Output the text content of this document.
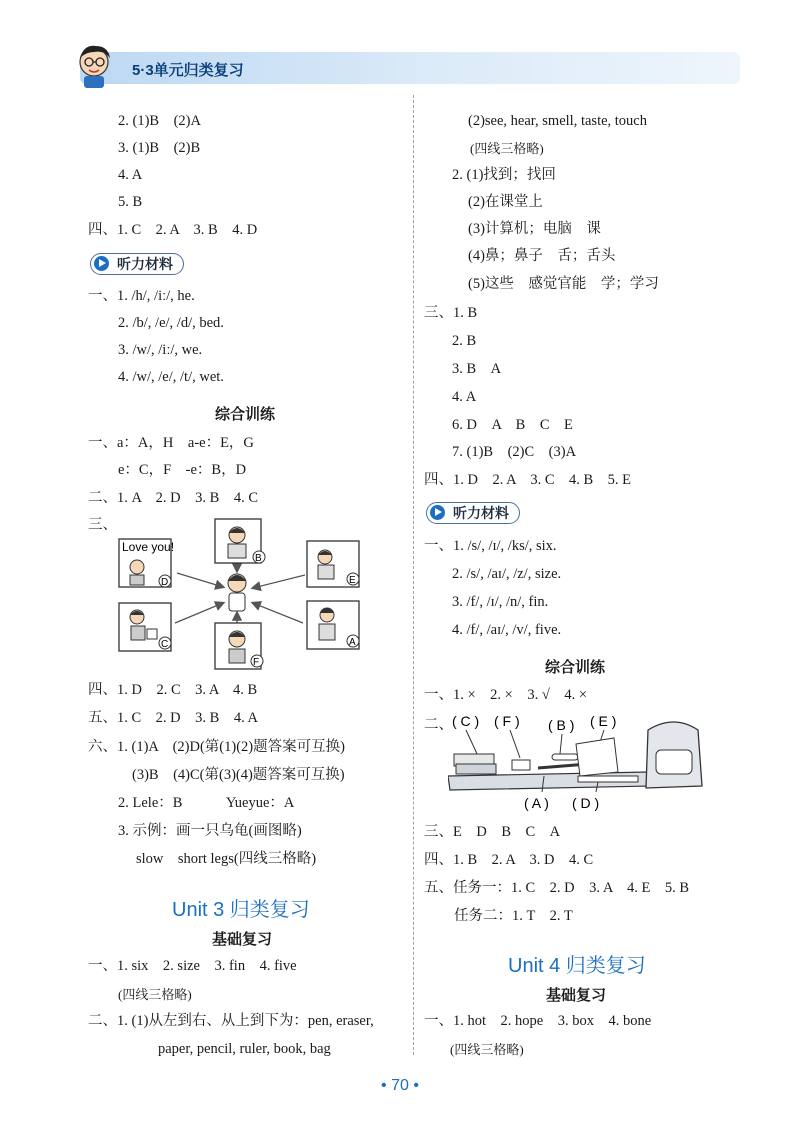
5·3单元归类复习
2. (1)B　(2)A
3. (1)B　(2)B
4. A
5. B
四、1. C　2. A　3. B　4. D
听力材料
一、1. /h/, /iː/, he.
2. /b/, /e/, /d/, bed.
3. /w/, /iː/, we.
4. /w/, /e/, /t/, wet.
综合训练
一、a：A，H　a-e：E，G
e：C，F　-e：B，D
二、1. A　2. D　3. B　4. C
三、
Love you!
B
D	E
C	A
F
四、1. D　2. C　3. A　4. B
五、1. C　2. D　3. B　4. A
六、1. (1)A　(2)D(第(1)(2)题答案可互换)
(3)B　(4)C(第(3)(4)题答案可互换)
2. Lele：B　　　Yueyue：A
3. 示例：画一只乌龟(画图略)
slow　short legs(四线三格略)
Unit 3 归类复习
基础复习
一、1. six　2. size　3. fin　4. five
(四线三格略)
二、1. (1)从左到右、从上到下为：pen, eraser,
paper, pencil, ruler, book, bag
(2)see, hear, smell, taste, touch
(四线三格略)
2. (1)找到；找回
(2)在课堂上
(3)计算机；电脑　课
(4)鼻；鼻子　舌；舌头
(5)这些　感觉官能　学；学习
三、1. B
2. B
3. B　A
4. A
6. D　A　B　C　E
7. (1)B　(2)C　(3)A
四、1. D　2. A　3. C　4. B　5. E
听力材料
一、1. /s/, /ɪ/, /ks/, six.
2. /s/, /aɪ/, /z/, size.
3. /f/, /ɪ/, /n/, fin.
4. /f/, /aɪ/, /v/, five.
综合训练
一、1. ×　2. ×　3. √　4. ×
二、 ( C ) ( F ) ( B ) ( E )
( A ) ( D )
三、E　D　B　C　A
四、1. B　2. A　3. D　4. C
五、任务一：1. C　2. D　3. A　4. E　5. B
任务二：1. T　2. T
Unit 4 归类复习
基础复习
一、1. hot　2. hope　3. box　4. bone
(四线三格略)
• 70 •
